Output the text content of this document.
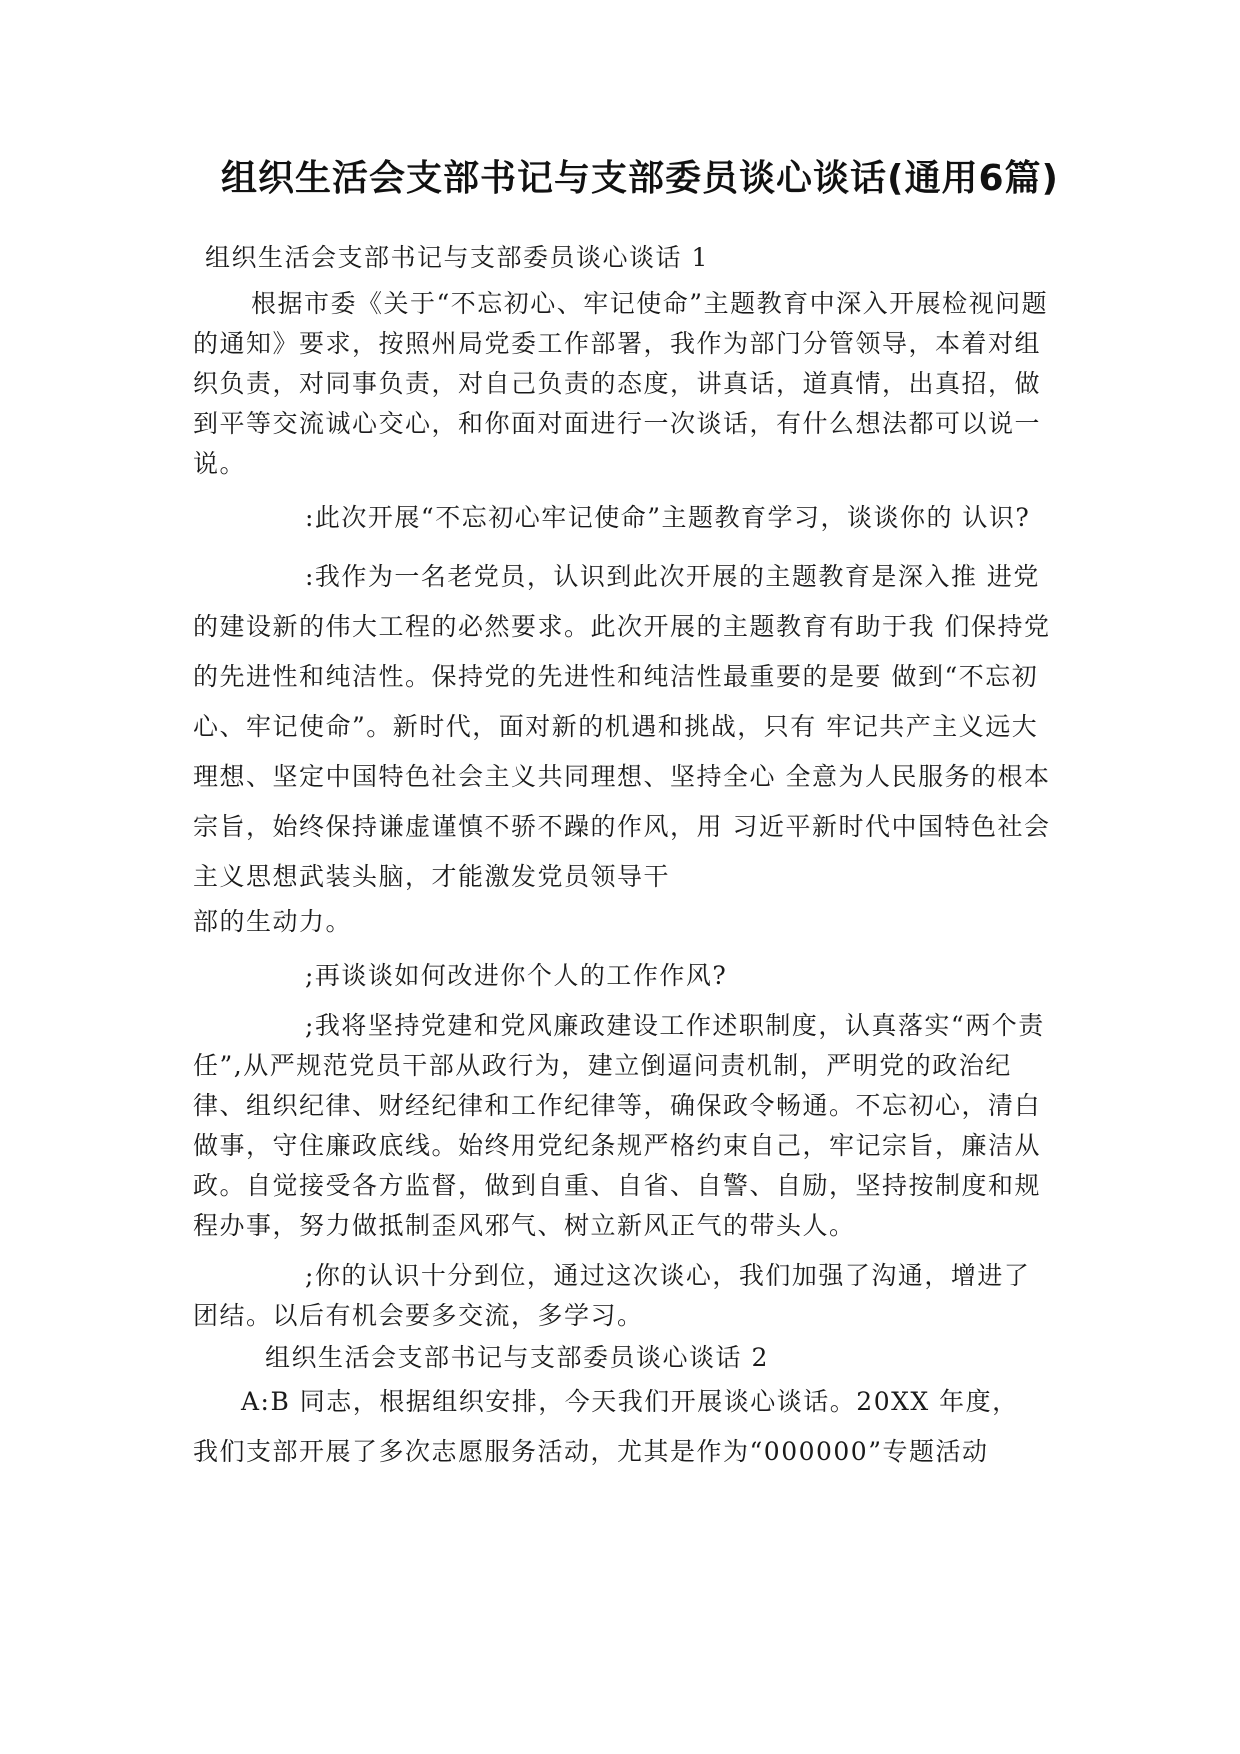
组织生活会支部书记与支部委员谈心谈话(通用6篇)

组织生活会支部书记与支部委员谈心谈话 1

根据市委《关于“不忘初心、牢记使命”主题教育中深入开展检视问题的通知》要求，按照州局党委工作部署，我作为部门分管领导，本着对组织负责，对同事负责，对自己负责的态度，讲真话，道真情，出真招，做到平等交流诚心交心，和你面对面进行一次谈话，有什么想法都可以说一说。

:此次开展“不忘初心牢记使命”主题教育学习，谈谈你的 认识?

:我作为一名老党员，认识到此次开展的主题教育是深入推 进党的建设新的伟大工程的必然要求。此次开展的主题教育有助于我 们保持党的先进性和纯洁性。保持党的先进性和纯洁性最重要的是要 做到“不忘初心、牢记使命”。新时代，面对新的机遇和挑战，只有 牢记共产主义远大理想、坚定中国特色社会主义共同理想、坚持全心 全意为人民服务的根本宗旨，始终保持谦虚谨慎不骄不躁的作风，用 习近平新时代中国特色社会主义思想武装头脑，才能激发党员领导干

部的生动力。

;再谈谈如何改进你个人的工作作风?

;我将坚持党建和党风廉政建设工作述职制度，认真落实“两个责任”,从严规范党员干部从政行为，建立倒逼问责机制，严明党的政治纪律、组织纪律、财经纪律和工作纪律等，确保政令畅通。不忘初心，清白做事，守住廉政底线。始终用党纪条规严格约束自己，牢记宗旨，廉洁从政。自觉接受各方监督，做到自重、自省、自警、自励，坚持按制度和规程办事，努力做抵制歪风邪气、树立新风正气的带头人。

;你的认识十分到位，通过这次谈心，我们加强了沟通，增进了团结。以后有机会要多交流，多学习。

组织生活会支部书记与支部委员谈心谈话 2

A:B 同志，根据组织安排，今天我们开展谈心谈话。20XX 年度，

我们支部开展了多次志愿服务活动，尤其是作为“000000”专题活动
